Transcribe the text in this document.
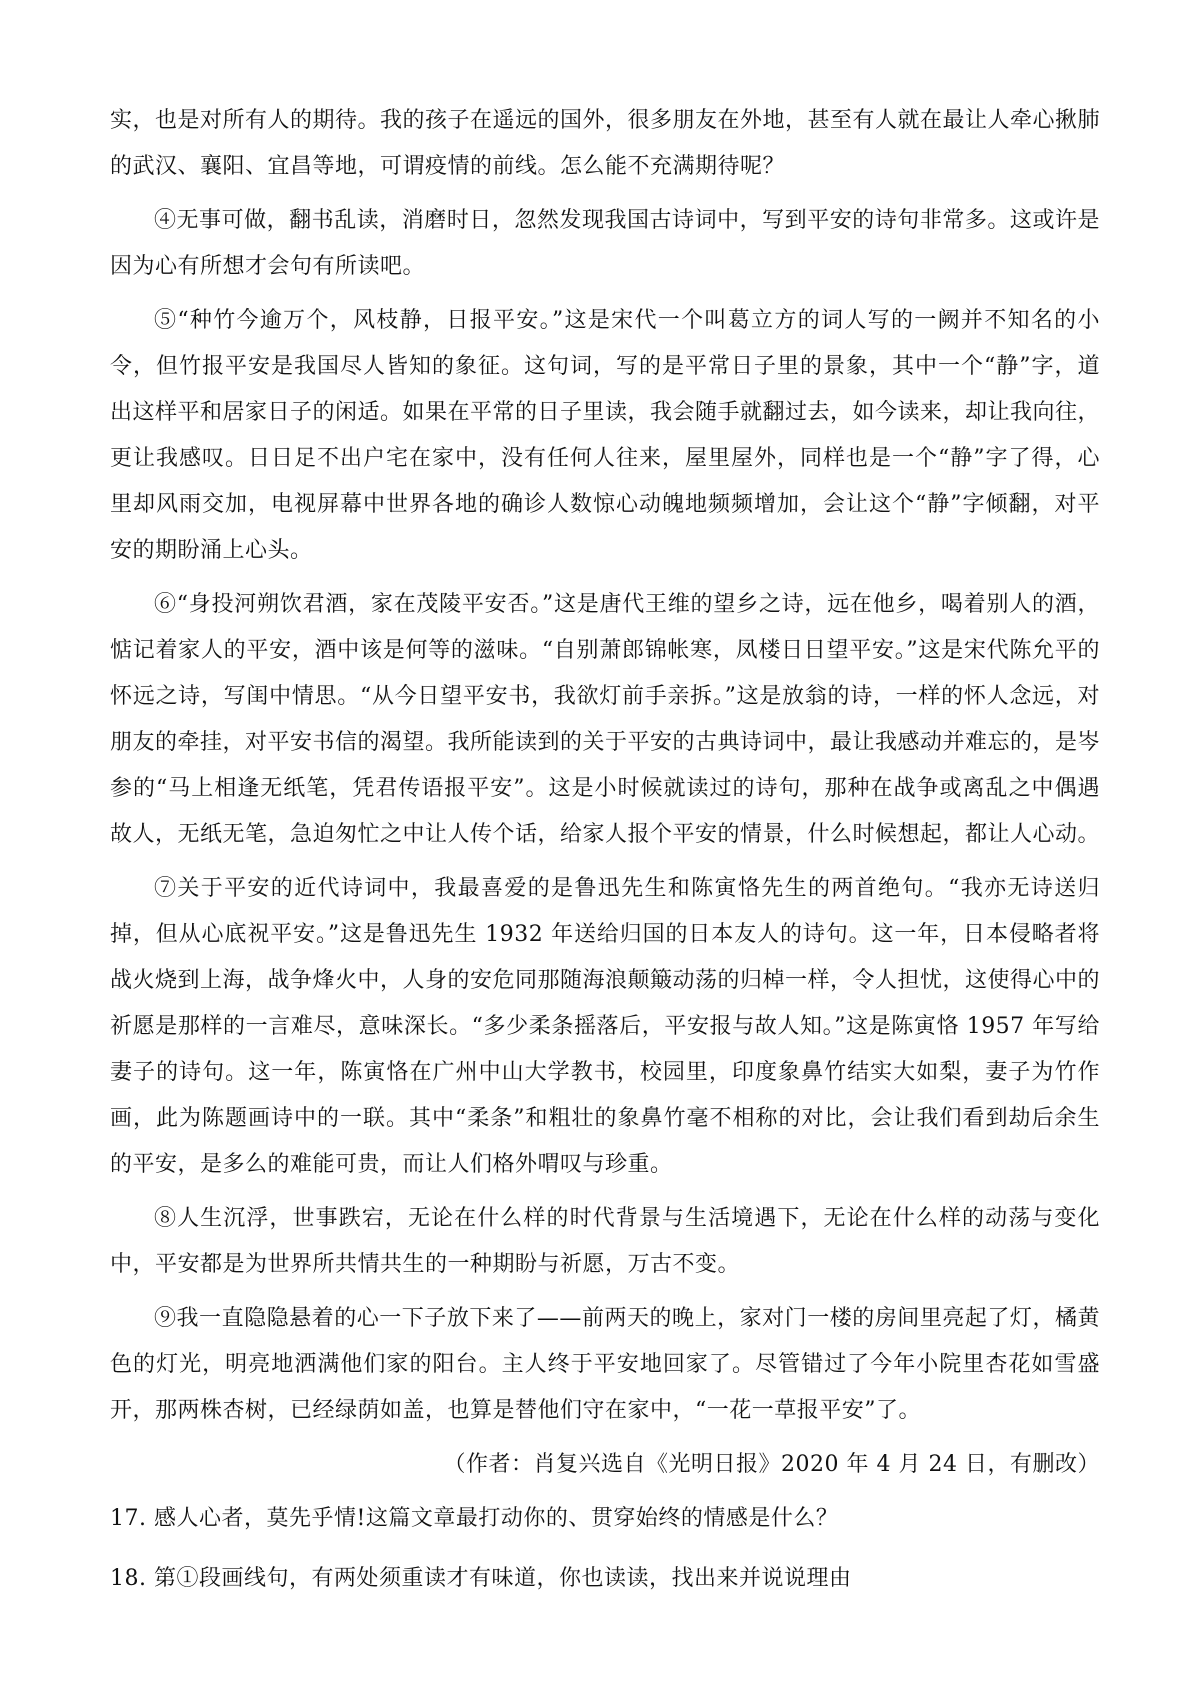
实，也是对所有人的期待。我的孩子在遥远的国外，很多朋友在外地，甚至有人就在最让人牵心揪肺的武汉、襄阳、宜昌等地，可谓疫情的前线。怎么能不充满期待呢？

④无事可做，翻书乱读，消磨时日，忽然发现我国古诗词中，写到平安的诗句非常多。这或许是因为心有所想才会句有所读吧。

⑤“种竹今逾万个，风枝静，日报平安。”这是宋代一个叫葛立方的词人写的一阙并不知名的小令，但竹报平安是我国尽人皆知的象征。这句词，写的是平常日子里的景象，其中一个“静”字，道出这样平和居家日子的闲适。如果在平常的日子里读，我会随手就翻过去，如今读来，却让我向往，更让我感叹。日日足不出户宅在家中，没有任何人往来，屋里屋外，同样也是一个“静”字了得，心里却风雨交加，电视屏幕中世界各地的确诊人数惊心动魄地频频增加，会让这个“静”字倾翻，对平安的期盼涌上心头。

⑥“身投河朔饮君酒，家在茂陵平安否。”这是唐代王维的望乡之诗，远在他乡，喝着别人的酒，惦记着家人的平安，酒中该是何等的滋味。“自别萧郎锦帐寒，凤楼日日望平安。”这是宋代陈允平的怀远之诗，写闺中情思。“从今日望平安书，我欲灯前手亲拆。”这是放翁的诗，一样的怀人念远，对朋友的牵挂，对平安书信的渴望。我所能读到的关于平安的古典诗词中，最让我感动并难忘的，是岑参的“马上相逢无纸笔，凭君传语报平安”。这是小时候就读过的诗句，那种在战争或离乱之中偶遇故人，无纸无笔，急迫匆忙之中让人传个话，给家人报个平安的情景，什么时候想起，都让人心动。

⑦关于平安的近代诗词中，我最喜爱的是鲁迅先生和陈寅恪先生的两首绝句。“我亦无诗送归掉，但从心底祝平安。”这是鲁迅先生 1932 年送给归国的日本友人的诗句。这一年，日本侵略者将战火烧到上海，战争烽火中，人身的安危同那随海浪颠簸动荡的归棹一样，令人担忧，这使得心中的祈愿是那样的一言难尽，意味深长。“多少柔条摇落后，平安报与故人知。”这是陈寅恪 1957 年写给妻子的诗句。这一年，陈寅恪在广州中山大学教书，校园里，印度象鼻竹结实大如梨，妻子为竹作画，此为陈题画诗中的一联。其中“柔条”和粗壮的象鼻竹毫不相称的对比，会让我们看到劫后余生的平安，是多么的难能可贵，而让人们格外喟叹与珍重。

⑧人生沉浮，世事跌宕，无论在什么样的时代背景与生活境遇下，无论在什么样的动荡与变化中，平安都是为世界所共情共生的一种期盼与祈愿，万古不变。

⑨我一直隐隐悬着的心一下子放下来了——前两天的晚上，家对门一楼的房间里亮起了灯，橘黄色的灯光，明亮地洒满他们家的阳台。主人终于平安地回家了。尽管错过了今年小院里杏花如雪盛开，那两株杏树，已经绿荫如盖，也算是替他们守在家中，“一花一草报平安”了。

（作者：肖复兴选自《光明日报》2020 年 4 月 24 日，有删改）

17. 感人心者，莫先乎情!这篇文章最打动你的、贯穿始终的情感是什么？

18. 第①段画线句，有两处须重读才有味道，你也读读，找出来并说说理由
